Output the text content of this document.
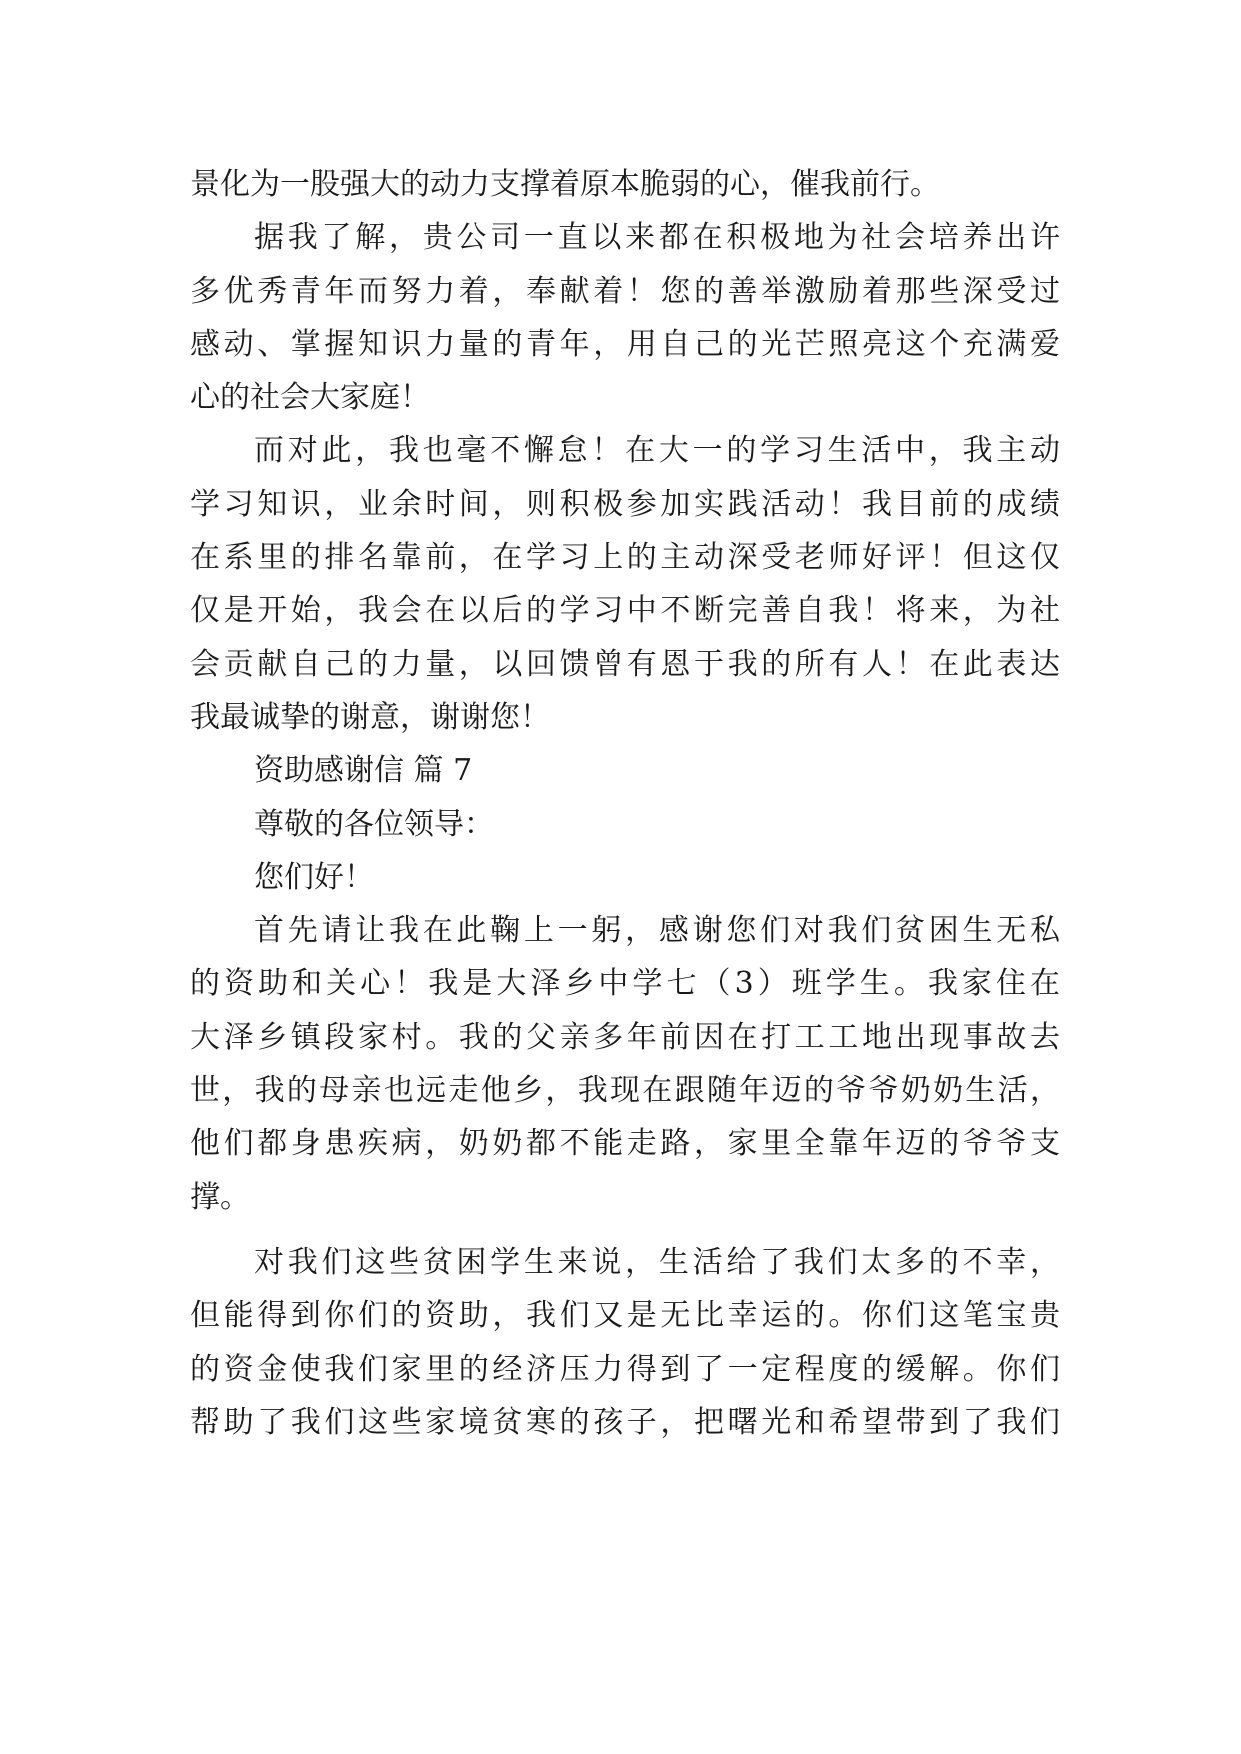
景化为一股强大的动力支撑着原本脆弱的心，催我前行。
据我了解，贵公司一直以来都在积极地为社会培养出许
多优秀青年而努力着，奉献着！您的善举激励着那些深受过
感动、掌握知识力量的青年，用自己的光芒照亮这个充满爱
心的社会大家庭！
而对此，我也毫不懈怠！在大一的学习生活中，我主动
学习知识，业余时间，则积极参加实践活动！我目前的成绩
在系里的排名靠前，在学习上的主动深受老师好评！但这仅
仅是开始，我会在以后的学习中不断完善自我！将来，为社
会贡献自己的力量，以回馈曾有恩于我的所有人！在此表达
我最诚挚的谢意，谢谢您！
资助感谢信 篇 7
尊敬的各位领导：
您们好！
首先请让我在此鞠上一躬，感谢您们对我们贫困生无私
的资助和关心！我是大泽乡中学七（3）班学生。我家住在
大泽乡镇段家村。我的父亲多年前因在打工工地出现事故去
世，我的母亲也远走他乡，我现在跟随年迈的爷爷奶奶生活，
他们都身患疾病，奶奶都不能走路，家里全靠年迈的爷爷支
撑。
对我们这些贫困学生来说，生活给了我们太多的不幸，
但能得到你们的资助，我们又是无比幸运的。你们这笔宝贵
的资金使我们家里的经济压力得到了一定程度的缓解。你们
帮助了我们这些家境贫寒的孩子，把曙光和希望带到了我们
